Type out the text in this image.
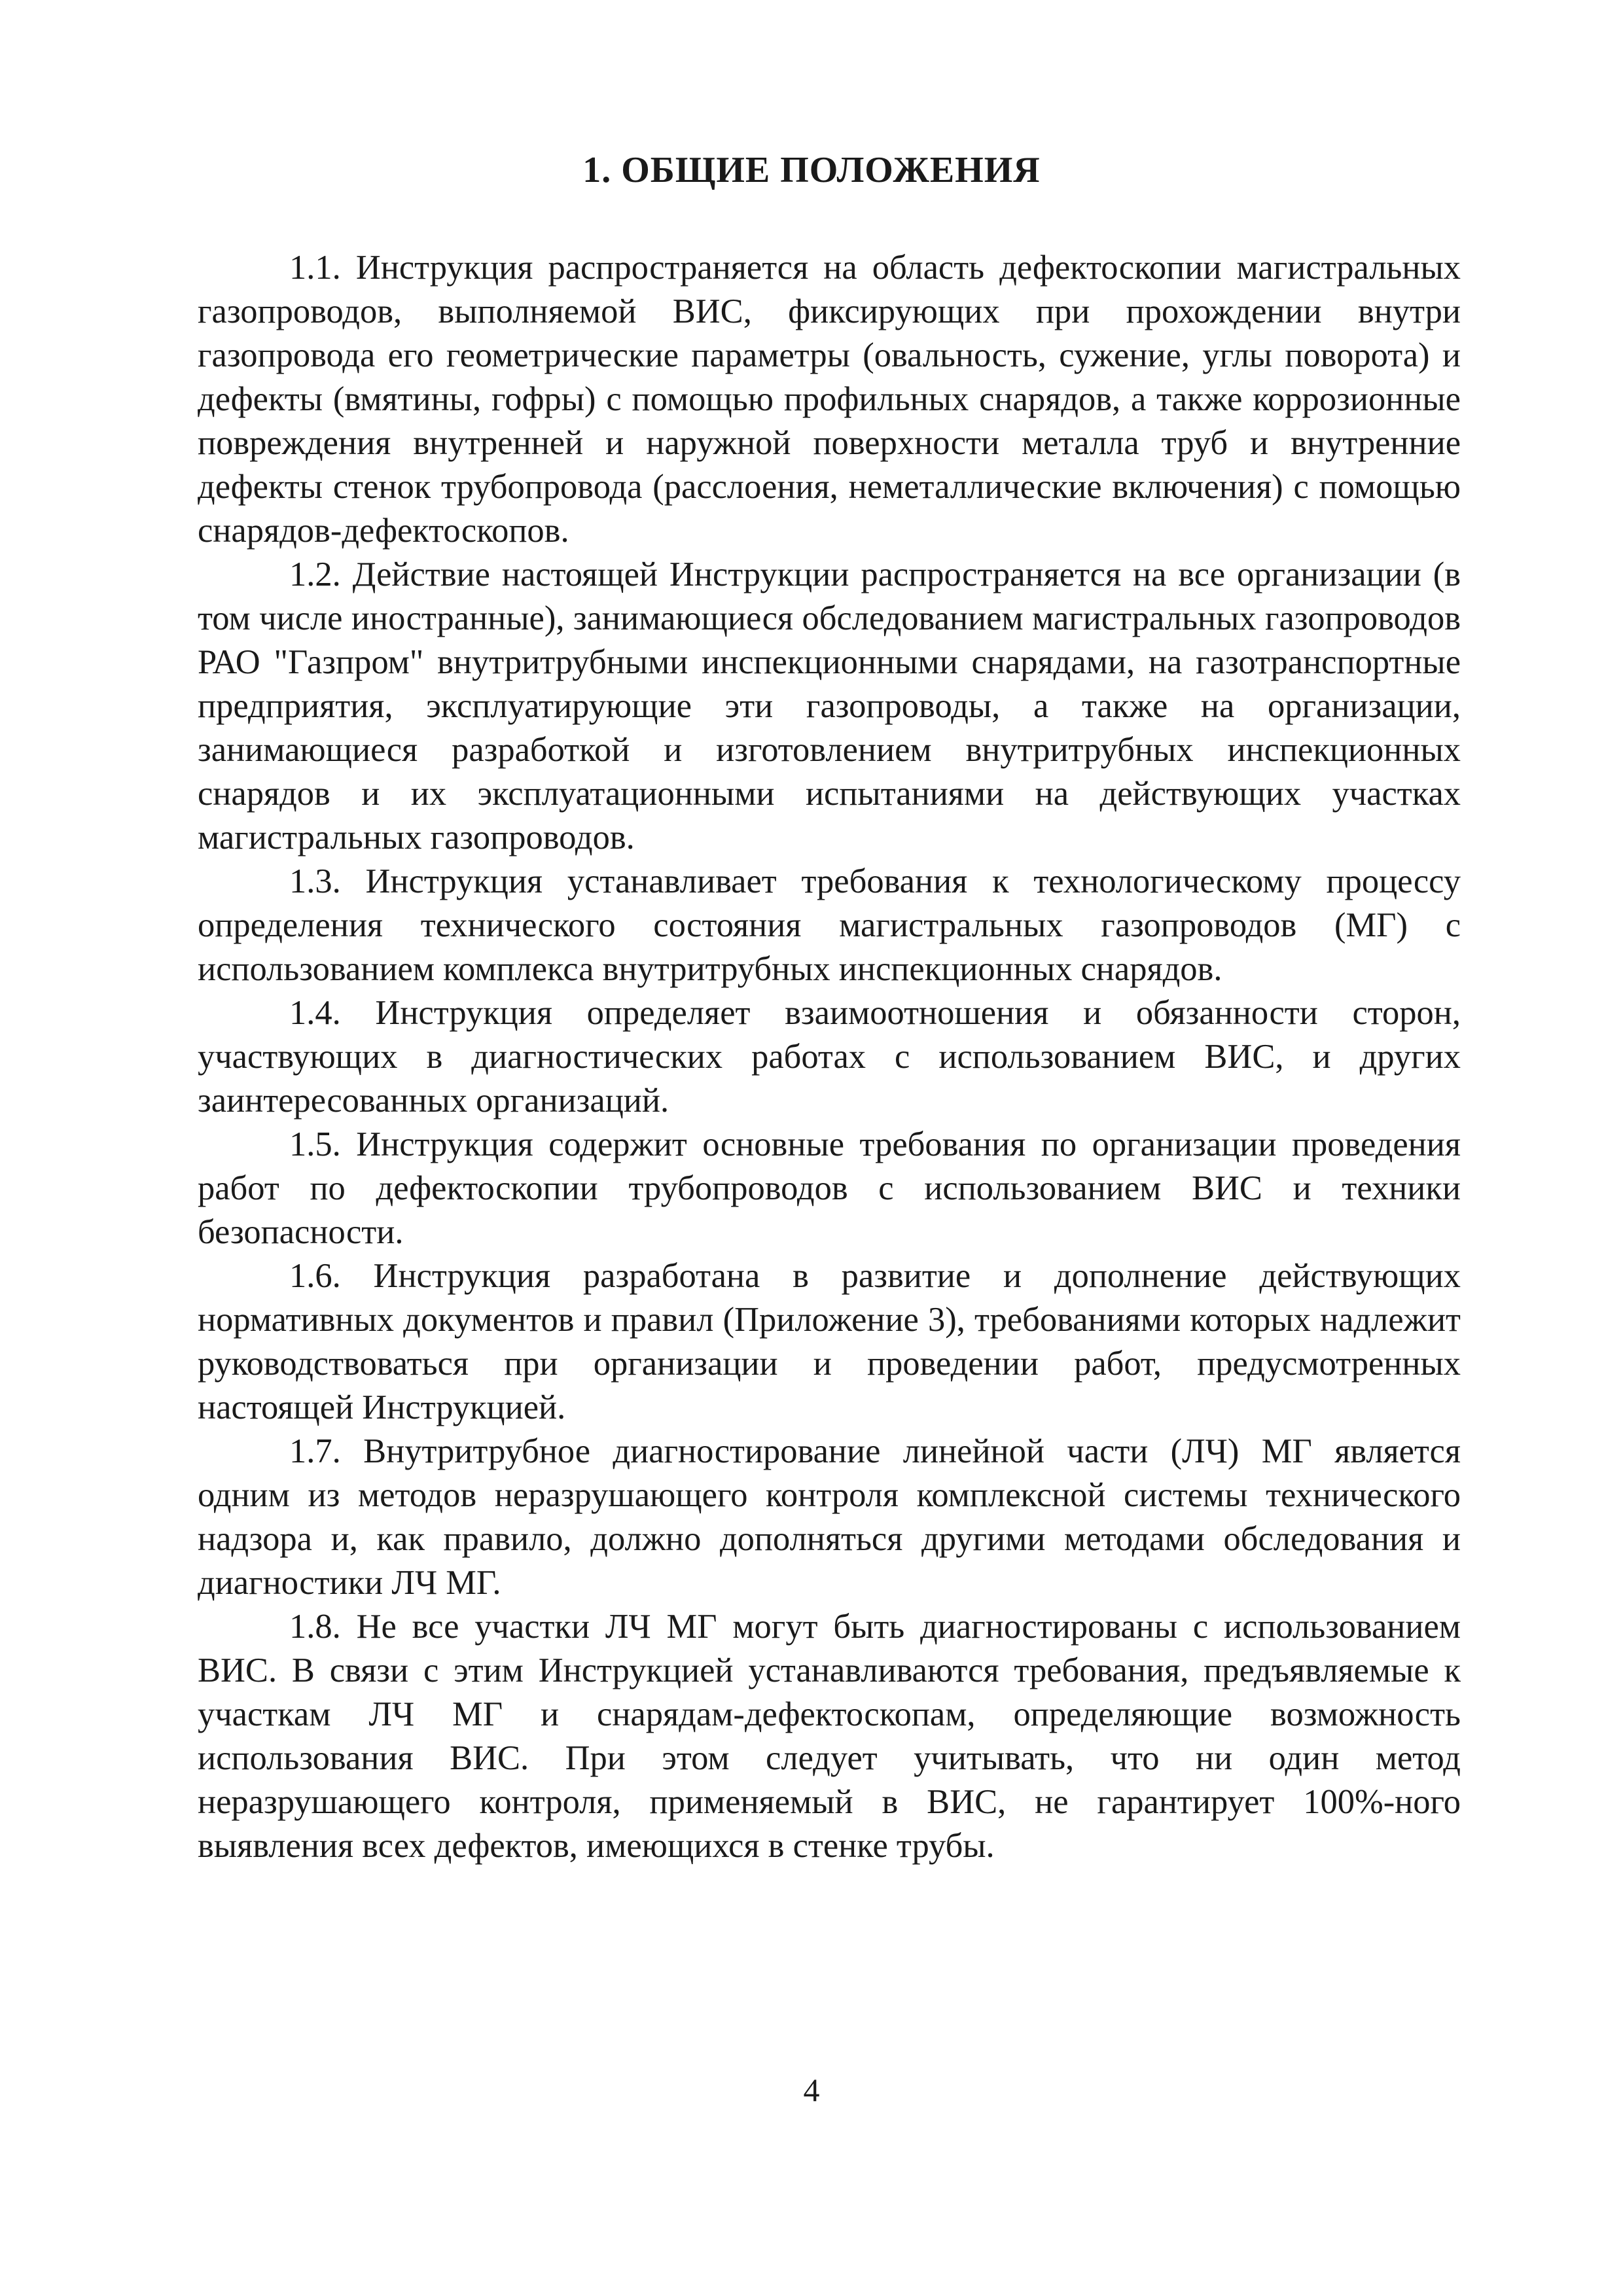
1. ОБЩИЕ ПОЛОЖЕНИЯ

1.1. Инструкция распространяется на область дефектоскопии магистральных газопроводов, выполняемой ВИС, фиксирующих при прохождении внутри газопровода его геометрические параметры (овальность, сужение, углы поворота) и дефекты (вмятины, гофры) с помощью профильных снарядов, а также коррозионные повреждения внутренней и наружной поверхности металла труб и внутренние дефекты стенок трубопровода (расслоения, неметаллические включения) с помощью снарядов-дефектоскопов.

1.2. Действие настоящей Инструкции распространяется на все организации (в том числе иностранные), занимающиеся обследованием магистральных газопроводов РАО "Газпром" внутритрубными инспекционными снарядами, на газотранспортные предприятия, эксплуатирующие эти газопроводы, а также на организации, занимающиеся разработкой и изготовлением внутритрубных инспекционных снарядов и их эксплуатационными испытаниями на действующих участках магистральных газопроводов.

1.3. Инструкция устанавливает требования к технологическому процессу определения технического состояния магистральных газопроводов (МГ) с использованием комплекса внутритрубных инспекционных снарядов.

1.4. Инструкция определяет взаимоотношения и обязанности сторон, участвующих в диагностических работах с использованием ВИС, и других заинтересованных организаций.

1.5. Инструкция содержит основные требования по организации проведения работ по дефектоскопии трубопроводов с использованием ВИС и техники безопасности.

1.6. Инструкция разработана в развитие и дополнение действующих нормативных документов и правил (Приложение 3), требованиями которых надлежит руководствоваться при организации и проведении работ, предусмотренных настоящей Инструкцией.

1.7. Внутритрубное диагностирование линейной части (ЛЧ) МГ является одним из методов неразрушающего контроля комплексной системы технического надзора и, как правило, должно дополняться другими методами обследования и диагностики ЛЧ МГ.

1.8. Не все участки ЛЧ МГ могут быть диагностированы с использованием ВИС. В связи с этим Инструкцией устанавливаются требования, предъявляемые к участкам ЛЧ МГ и снарядам-дефектоскопам, определяющие возможность использования ВИС. При этом следует учитывать, что ни один метод неразрушающего контроля, применяемый в ВИС, не гарантирует 100%-ного выявления всех дефектов, имеющихся в стенке трубы.

4
